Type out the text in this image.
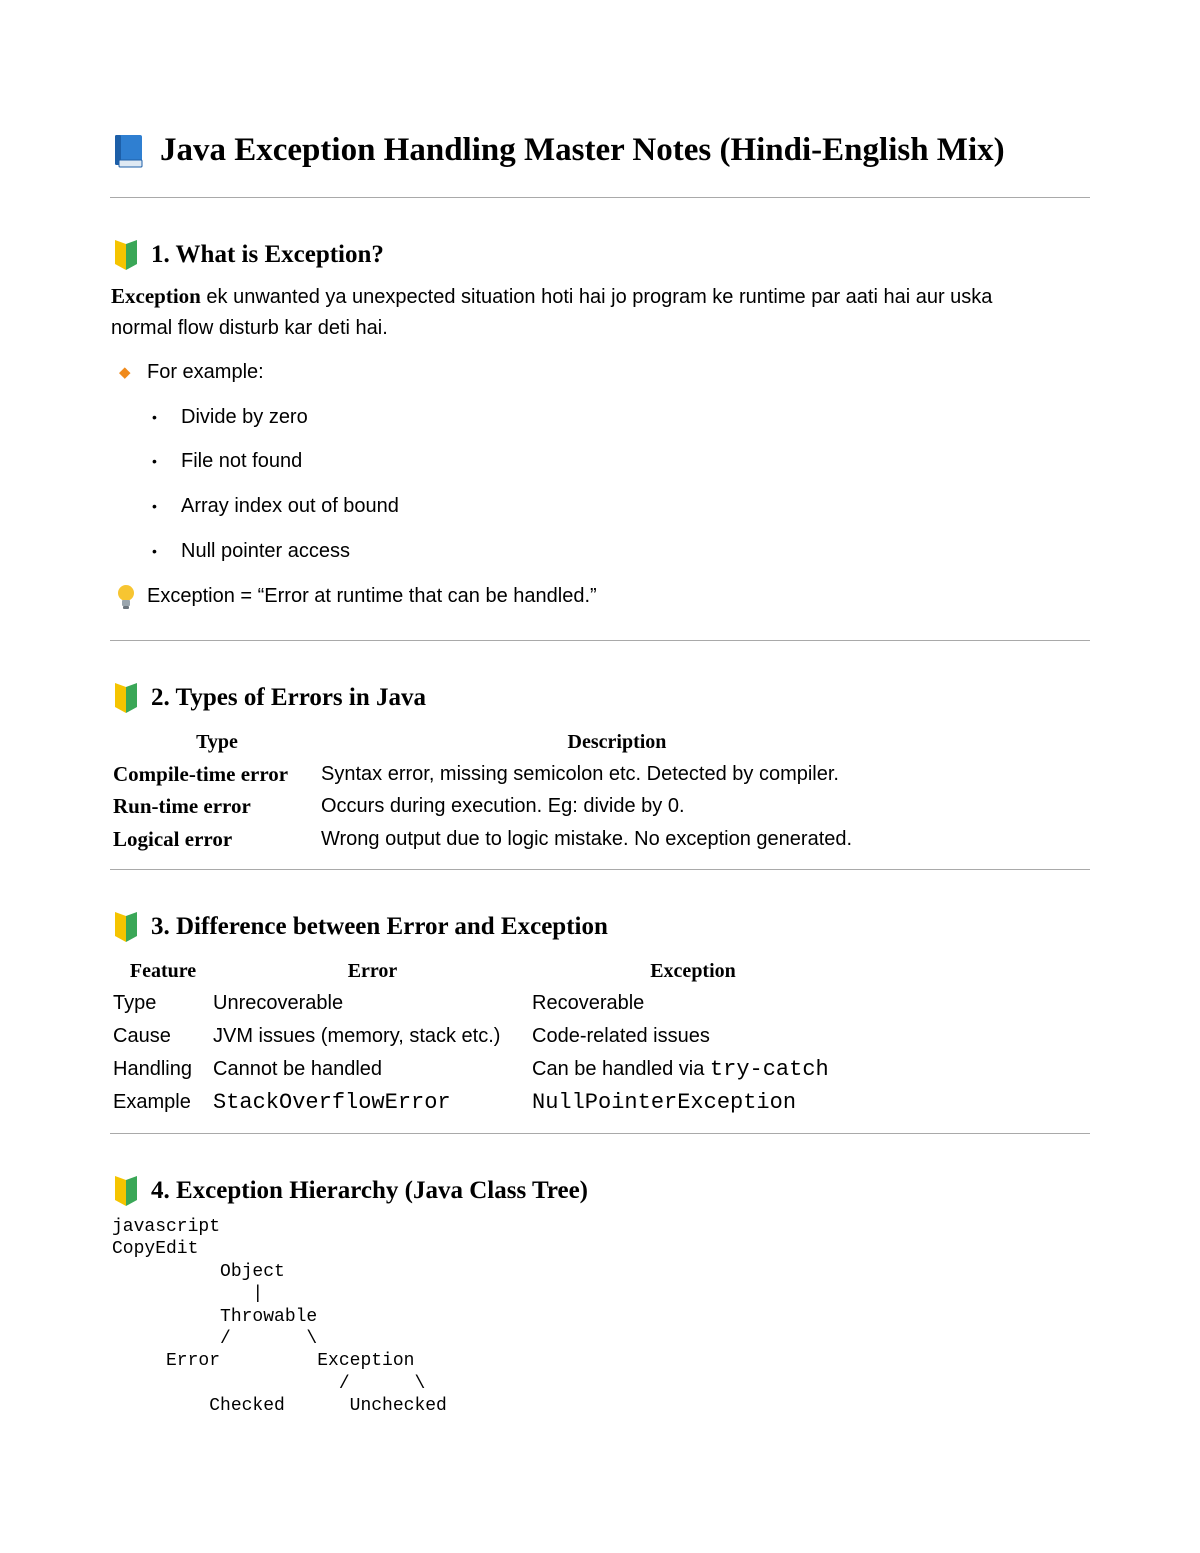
Java Exception Handling Master Notes (Hindi-English Mix)
1. What is Exception?
Exception ek unwanted ya unexpected situation hoti hai jo program ke runtime par aati hai aur uska
normal flow disturb kar deti hai.
◆ For example:
•	Divide by zero
•	File not found
•	Array index out of bound
•	Null pointer access
Exception = “Error at runtime that can be handled.”
2. Types of Errors in Java
Type	Description
Compile-time error	Syntax error, missing semicolon etc. Detected by compiler.
Run-time error	Occurs during execution. Eg: divide by 0.
Logical error	Wrong output due to logic mistake. No exception generated.
3. Difference between Error and Exception
Feature	Error	Exception
Type	Unrecoverable	Recoverable
Cause	JVM issues (memory, stack etc.)	Code-related issues
Handling	Cannot be handled	Can be handled via try-catch
Example	StackOverflowError	NullPointerException
4. Exception Hierarchy (Java Class Tree)
javascript
CopyEdit
Object
|
Throwable
/       \
Error         Exception
/      \
Checked      Unchecked
